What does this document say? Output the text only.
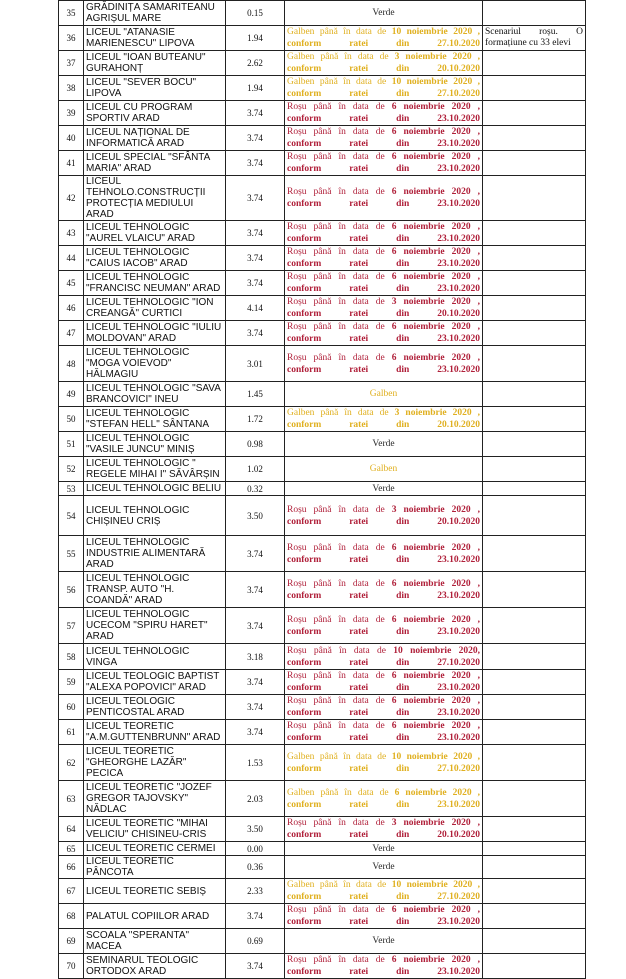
35	GRĂDINIȚA SAMARITEANU AGRIȘUL MARE	0.15	Verde	
36	LICEUL "ATANASIE MARIENESCU" LIPOVA	1.94	Galben până în data de 10 noiembrie 2020 ,
conform ratei din 27.10.2020	Scenariul roșu. O formațiune cu 33 elevi
37	LICEUL "IOAN BUTEANU" GURAHONȚ	2.62	Galben până în data de 3 noiembrie 2020 ,
conform ratei din 20.10.2020	
38	LICEUL "SEVER BOCU" LIPOVA	1.94	Galben până în data de 10 noiembrie 2020 ,
conform ratei din 27.10.2020	
39	LICEUL CU PROGRAM SPORTIV ARAD	3.74	Roșu până în data de 6 noiembrie 2020 ,
conform ratei din 23.10.2020	
40	LICEUL NAȚIONAL DE INFORMATICĂ ARAD	3.74	Roșu până în data de 6 noiembrie 2020 ,
conform ratei din 23.10.2020	
41	LICEUL SPECIAL "SFÂNTA MARIA" ARAD	3.74	Roșu până în data de 6 noiembrie 2020 ,
conform ratei din 23.10.2020	
42	LICEUL TEHNOLO.CONSTRUCȚII PROTECȚIA MEDIULUI ARAD	3.74	Roșu până în data de 6 noiembrie 2020 ,
conform ratei din 23.10.2020	
43	LICEUL TEHNOLOGIC "AUREL VLAICU" ARAD	3.74	Roșu până în data de 6 noiembrie 2020 ,
conform ratei din 23.10.2020	
44	LICEUL TEHNOLOGIC "CAIUS IACOB" ARAD	3.74	Roșu până în data de 6 noiembrie 2020 ,
conform ratei din 23.10.2020	
45	LICEUL TEHNOLOGIC "FRANCISC NEUMAN" ARAD	3.74	Roșu până în data de 6 noiembrie 2020 ,
conform ratei din 23.10.2020	
46	LICEUL TEHNOLOGIC "ION CREANGĂ" CURTICI	4.14	Roșu până în data de 3 noiembrie 2020 ,
conform ratei din 20.10.2020	
47	LICEUL TEHNOLOGIC "IULIU MOLDOVAN" ARAD	3.74	Roșu până în data de 6 noiembrie 2020 ,
conform ratei din 23.10.2020	
48	LICEUL TEHNOLOGIC "MOGA VOIEVOD" HĂLMAGIU	3.01	Roșu până în data de 6 noiembrie 2020 ,
conform ratei din 23.10.2020	
49	LICEUL TEHNOLOGIC "SAVA BRANCOVICI" INEU	1.45	Galben	
50	LICEUL TEHNOLOGIC "STEFAN HELL" SÂNTANA	1.72	Galben până în data de 3 noiembrie 2020 ,
conform ratei din 20.10.2020	
51	LICEUL TEHNOLOGIC "VASILE JUNCU" MINIȘ	0.98	Verde	
52	LICEUL TEHNOLOGIC " REGELE MIHAI I" SĂVÂRȘIN	1.02	Galben	
53	LICEUL TEHNOLOGIC BELIU	0.32	Verde	
54	LICEUL TEHNOLOGIC CHIȘINEU CRIȘ	3.50	Roșu până în data de 3 noiembrie 2020 ,
conform ratei din 20.10.2020	
55	LICEUL TEHNOLOGIC INDUSTRIE ALIMENTARĂ ARAD	3.74	Roșu până în data de 6 noiembrie 2020 ,
conform ratei din 23.10.2020	
56	LICEUL TEHNOLOGIC TRANSP. AUTO "H. COANDĂ" ARAD	3.74	Roșu până în data de 6 noiembrie 2020 ,
conform ratei din 23.10.2020	
57	LICEUL TEHNOLOGIC UCECOM "SPIRU HARET" ARAD	3.74	Roșu până în data de 6 noiembrie 2020 ,
conform ratei din 23.10.2020	
58	LICEUL TEHNOLOGIC VINGA	3.18	Roșu până în data de 10 noiembrie 2020,
conform ratei din 27.10.2020	
59	LICEUL TEOLOGIC BAPTIST "ALEXA POPOVICI" ARAD	3.74	Roșu până în data de 6 noiembrie 2020 ,
conform ratei din 23.10.2020	
60	LICEUL TEOLOGIC PENTICOSTAL ARAD	3.74	Roșu până în data de 6 noiembrie 2020 ,
conform ratei din 23.10.2020	
61	LICEUL TEORETIC "A.M.GUTTENBRUNN" ARAD	3.74	Roșu până în data de 6 noiembrie 2020 ,
conform ratei din 23.10.2020	
62	LICEUL TEORETIC "GHEORGHE LAZĂR" PECICA	1.53	Galben până în data de 10 noiembrie 2020 ,
conform ratei din 27.10.2020	
63	LICEUL TEORETIC "JOZEF GREGOR TAJOVSKY" NĂDLAC	2.03	Galben până în data de 6 noiembrie 2020 ,
conform ratei din 23.10.2020	
64	LICEUL TEORETIC "MIHAI VELICIU" CHISINEU-CRIS	3.50	Roșu până în data de 3 noiembrie 2020 ,
conform ratei din 20.10.2020	
65	LICEUL TEORETIC CERMEI	0.00	Verde	
66	LICEUL TEORETIC PÂNCOTA	0.36	Verde	
67	LICEUL TEORETIC SEBIȘ	2.33	Galben până în data de 10 noiembrie 2020 ,
conform ratei din 27.10.2020	
68	PALATUL COPIILOR ARAD	3.74	Roșu până în data de 6 noiembrie 2020 ,
conform ratei din 23.10.2020	
69	SCOALA "SPERANTA" MACEA	0.69	Verde	
70	SEMINARUL TEOLOGIC ORTODOX ARAD	3.74	Roșu până în data de 6 noiembrie 2020 ,
conform ratei din 23.10.2020	
